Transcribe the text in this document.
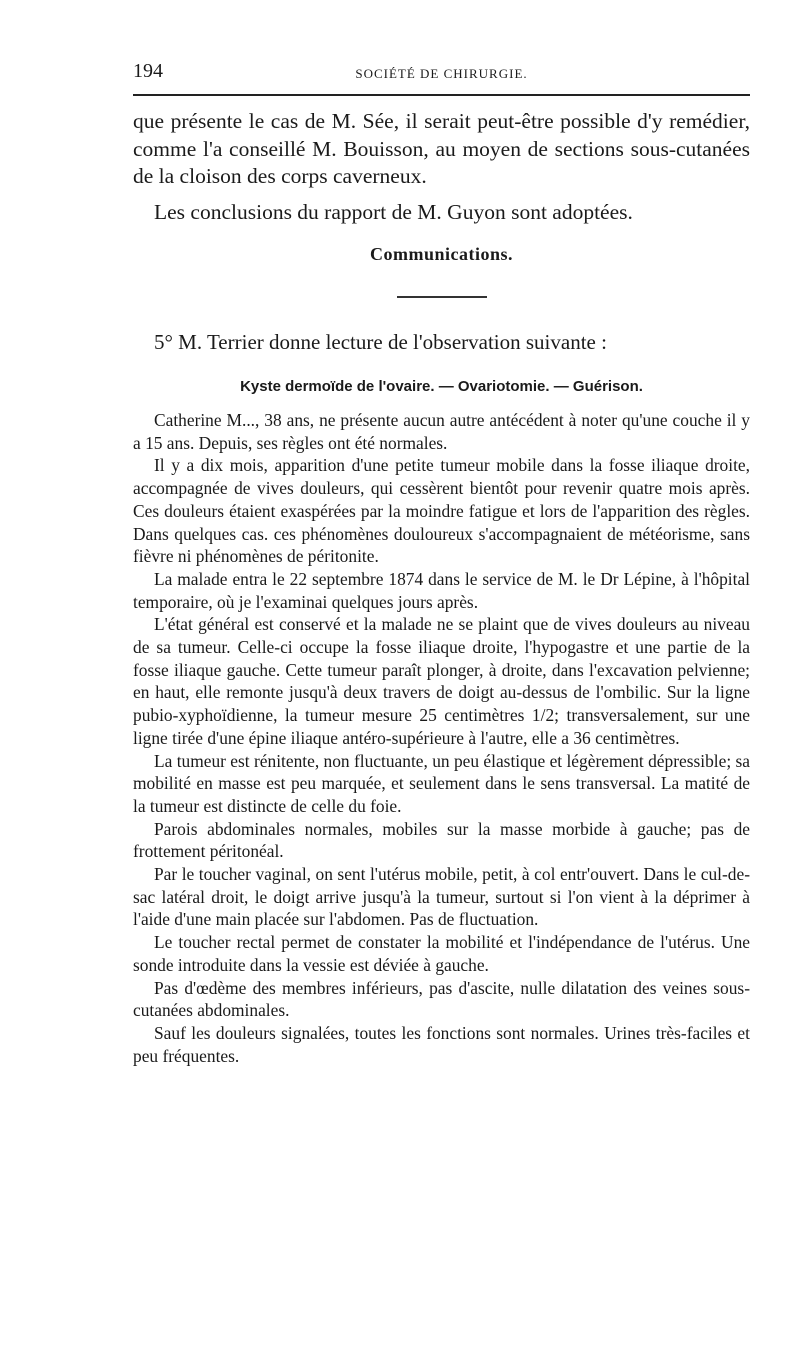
194	SOCIÉTÉ DE CHIRURGIE.

que présente le cas de M. Sée, il serait peut-être possible d'y remédier, comme l'a conseillé M. Bouisson, au moyen de sections sous-cutanées de la cloison des corps caverneux.

Les conclusions du rapport de M. Guyon sont adoptées.

Communications.
5° M. Terrier donne lecture de l'observation suivante :
Kyste dermoïde de l'ovaire. — Ovariotomie. — Guérison.

Catherine M..., 38 ans, ne présente aucun autre antécédent à noter qu'une couche il y a 15 ans. Depuis, ses règles ont été normales.

Il y a dix mois, apparition d'une petite tumeur mobile dans la fosse iliaque droite, accompagnée de vives douleurs, qui cessèrent bientôt pour revenir quatre mois après. Ces douleurs étaient exaspérées par la moindre fatigue et lors de l'apparition des règles. Dans quelques cas. ces phénomènes douloureux s'accompagnaient de météorisme, sans fièvre ni phénomènes de péritonite.

La malade entra le 22 septembre 1874 dans le service de M. le Dr Lépine, à l'hôpital temporaire, où je l'examinai quelques jours après.

L'état général est conservé et la malade ne se plaint que de vives douleurs au niveau de sa tumeur. Celle-ci occupe la fosse iliaque droite, l'hypogastre et une partie de la fosse iliaque gauche. Cette tumeur paraît plonger, à droite, dans l'excavation pelvienne; en haut, elle remonte jusqu'à deux travers de doigt au-dessus de l'ombilic. Sur la ligne pubio-xyphoïdienne, la tumeur mesure 25 centimètres 1/2; transversalement, sur une ligne tirée d'une épine iliaque antéro-supérieure à l'autre, elle a 36 centimètres.

La tumeur est rénitente, non fluctuante, un peu élastique et légèrement dépressible; sa mobilité en masse est peu marquée, et seulement dans le sens transversal. La matité de la tumeur est distincte de celle du foie.

Parois abdominales normales, mobiles sur la masse morbide à gauche; pas de frottement péritonéal.

Par le toucher vaginal, on sent l'utérus mobile, petit, à col entr'ouvert. Dans le cul-de-sac latéral droit, le doigt arrive jusqu'à la tumeur, surtout si l'on vient à la déprimer à l'aide d'une main placée sur l'abdomen. Pas de fluctuation.

Le toucher rectal permet de constater la mobilité et l'indépendance de l'utérus. Une sonde introduite dans la vessie est déviée à gauche.

Pas d'œdème des membres inférieurs, pas d'ascite, nulle dilatation des veines sous-cutanées abdominales.

Sauf les douleurs signalées, toutes les fonctions sont normales. Urines très-faciles et peu fréquentes.
